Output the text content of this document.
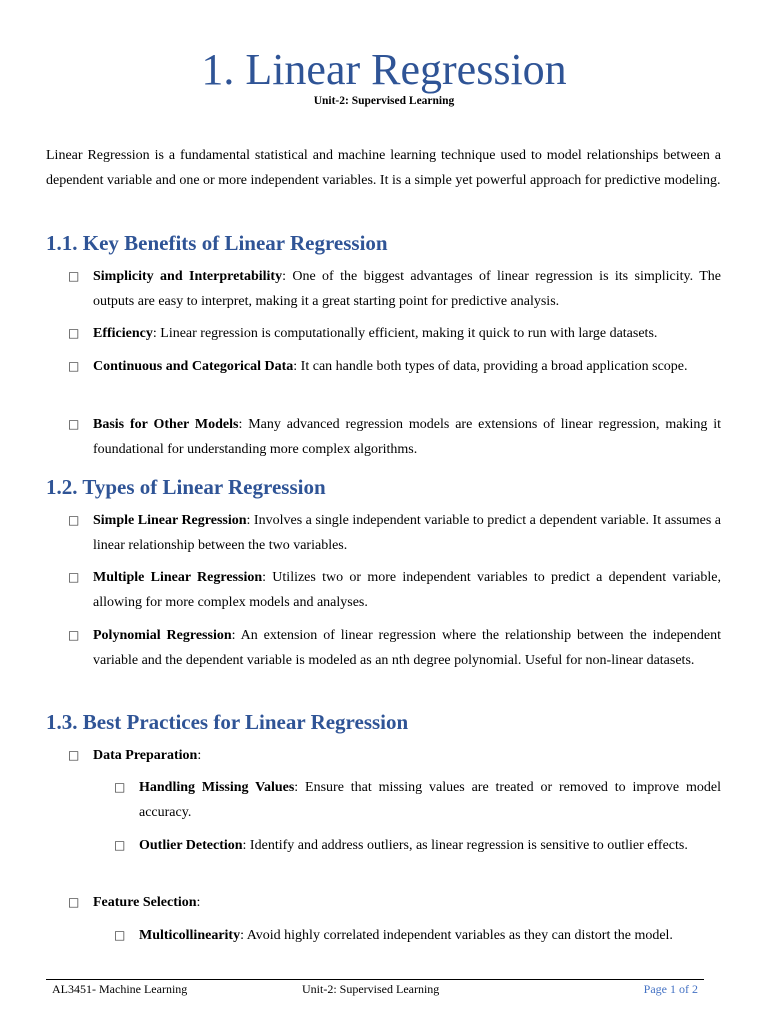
1. Linear Regression
Unit-2: Supervised Learning

Linear Regression is a fundamental statistical and machine learning technique used to model relationships between a dependent variable and one or more independent variables. It is a simple yet powerful approach for predictive modeling.

1.1. Key Benefits of Linear Regression
□ Simplicity and Interpretability: One of the biggest advantages of linear regression is its simplicity. The outputs are easy to interpret, making it a great starting point for predictive analysis.

□ Efficiency: Linear regression is computationally efficient, making it quick to run with large datasets.

□ Continuous and Categorical Data: It can handle both types of data, providing a broad application scope.

□ Basis for Other Models: Many advanced regression models are extensions of linear regression, making it foundational for understanding more complex algorithms.

1.2. Types of Linear Regression
□ Simple Linear Regression: Involves a single independent variable to predict a dependent variable. It assumes a linear relationship between the two variables.

□ Multiple Linear Regression: Utilizes two or more independent variables to predict a dependent variable, allowing for more complex models and analyses.

□ Polynomial Regression: An extension of linear regression where the relationship between the independent variable and the dependent variable is modeled as an nth degree polynomial. Useful for non-linear datasets.

1.3. Best Practices for Linear Regression
□ Data Preparation:

□ Handling Missing Values: Ensure that missing values are treated or removed to improve model accuracy.

□ Outlier Detection: Identify and address outliers, as linear regression is sensitive to outlier effects.

□ Feature Selection:

□ Multicollinearity: Avoid highly correlated independent variables as they can distort the model.

AL3451- Machine Learning	Unit-2: Supervised Learning	Page 1 of 2
